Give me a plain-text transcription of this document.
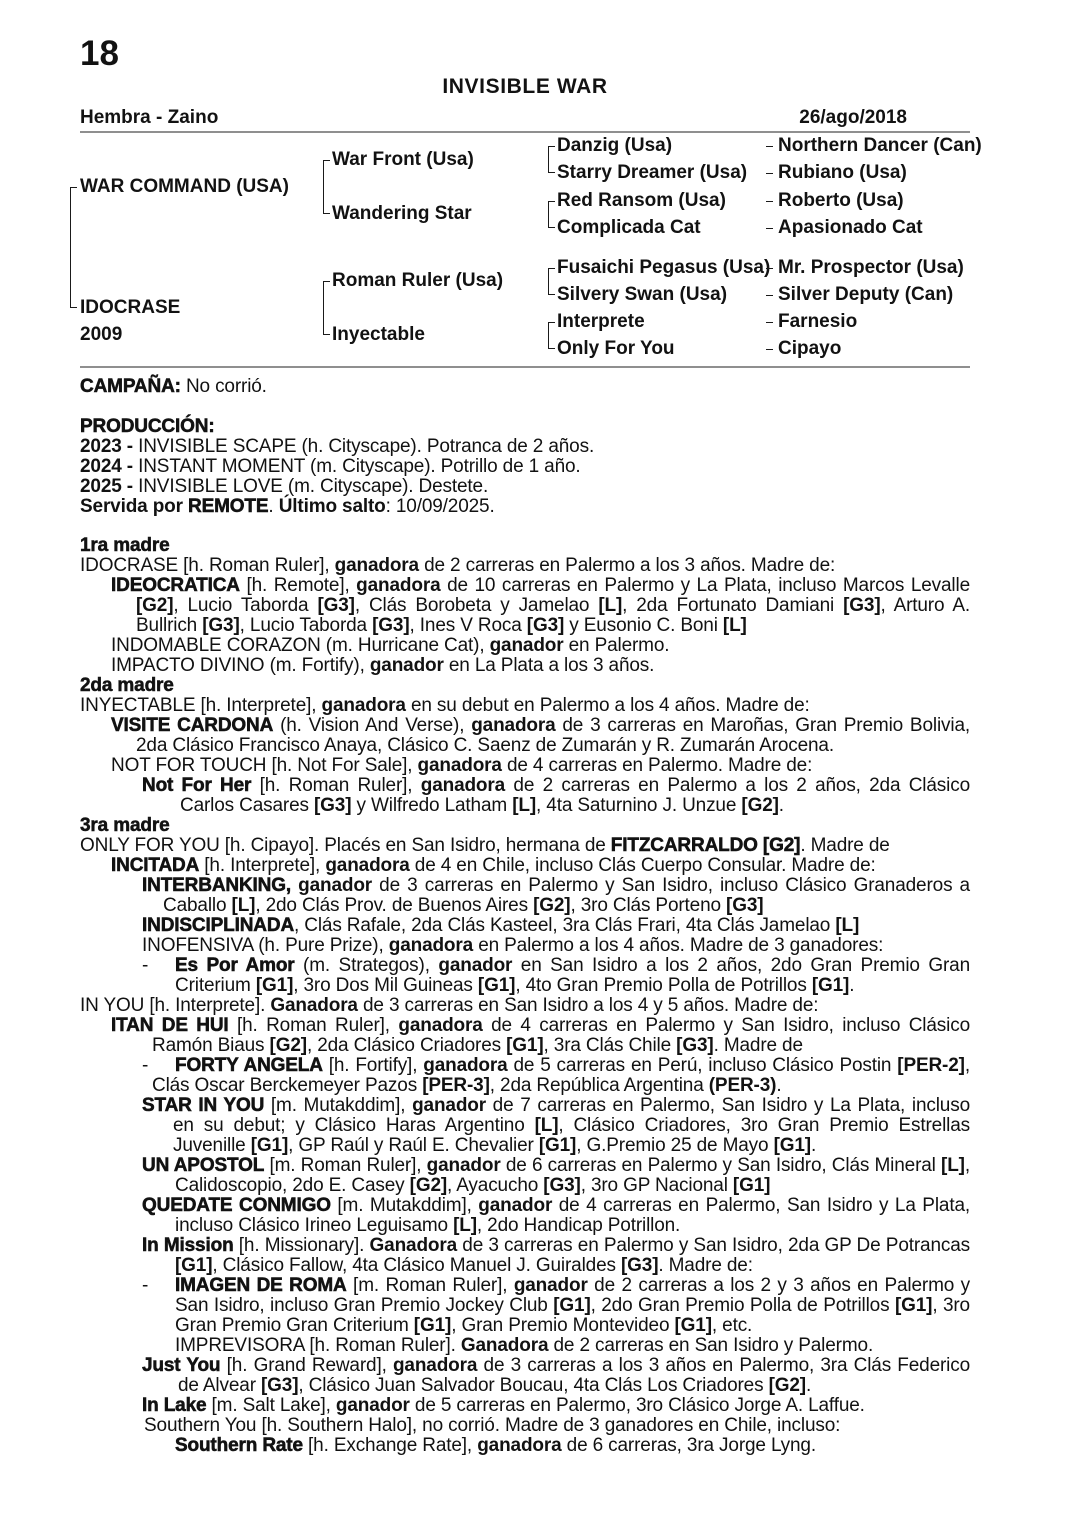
18
INVISIBLE WAR
Hembra - Zaino	26/ago/2018
WAR COMMAND (USA)
IDOCRASE
2009
War Front (Usa)
Wandering Star
Roman Ruler (Usa)
Inyectable
Danzig (Usa)
Starry Dreamer (Usa)
Red Ransom (Usa)
Complicada Cat
Fusaichi Pegasus (Usa)
Silvery Swan (Usa)
Interprete
Only For You
Northern Dancer (Can)
Rubiano (Usa)
Roberto (Usa)
Apasionado Cat
Mr. Prospector (Usa)
Silver Deputy (Can)
Farnesio
Cipayo
CAMPAÑA: No corrió.
PRODUCCIÓN:
2023 - INVISIBLE SCAPE (h. Cityscape). Potranca de 2 años.
2024 - INSTANT MOMENT (m. Cityscape). Potrillo de 1 año.
2025 - INVISIBLE LOVE (m. Cityscape). Destete.
Servida por REMOTE. Último salto: 10/09/2025.
1ra madre
IDOCRASE [h. Roman Ruler], ganadora de 2 carreras en Palermo a los 3 años. Madre de:
IDEOCRATICA [h. Remote], ganadora de 10 carreras en Palermo y La Plata, incluso Marcos Levalle [G2], Lucio Taborda [G3], Clás Borobeta y Jamelao [L], 2da Fortunato Damiani [G3], Arturo A. Bullrich [G3], Lucio Taborda [G3], Ines V Roca [G3] y Eusonio C. Boni [L]
INDOMABLE CORAZON (m. Hurricane Cat), ganador en Palermo.
IMPACTO DIVINO (m. Fortify), ganador en La Plata a los 3 años.
2da madre
INYECTABLE [h. Interprete], ganadora en su debut en Palermo a los 4 años. Madre de:
VISITE CARDONA (h. Vision And Verse), ganadora de 3 carreras en Maroñas, Gran Premio Bolivia, 2da Clásico Francisco Anaya, Clásico C. Saenz de Zumarán y R. Zumarán Arocena.
NOT FOR TOUCH [h. Not For Sale], ganadora de 4 carreras en Palermo. Madre de:
Not For Her [h. Roman Ruler], ganadora de 2 carreras en Palermo a los 2 años, 2da Clásico Carlos Casares [G3] y Wilfredo Latham [L], 4ta Saturnino J. Unzue [G2].
3ra madre
ONLY FOR YOU [h. Cipayo]. Placés en San Isidro, hermana de FITZCARRALDO [G2]. Madre de
INCITADA [h. Interprete], ganadora de 4 en Chile, incluso Clás Cuerpo Consular. Madre de:
INTERBANKING, ganador de 3 carreras en Palermo y San Isidro, incluso Clásico Granaderos a Caballo [L], 2do Clás Prov. de Buenos Aires [G2], 3ro Clás Porteno [G3]
INDISCIPLINADA, Clás Rafale, 2da Clás Kasteel, 3ra Clás Frari, 4ta Clás Jamelao [L]
INOFENSIVA (h. Pure Prize), ganadora en Palermo a los 4 años. Madre de 3 ganadores:
- Es Por Amor (m. Strategos), ganador en San Isidro a los 2 años, 2do Gran Premio Gran Criterium [G1], 3ro Dos Mil Guineas [G1], 4to Gran Premio Polla de Potrillos [G1].
IN YOU [h. Interprete]. Ganadora de 3 carreras en San Isidro a los 4 y 5 años. Madre de:
ITAN DE HUI [h. Roman Ruler], ganadora de 4 carreras en Palermo y San Isidro, incluso Clásico Ramón Biaus [G2], 2da Clásico Criadores [G1], 3ra Clás Chile [G3]. Madre de
- FORTY ANGELA [h. Fortify], ganadora de 5 carreras en Perú, incluso Clásico Postin [PER-2], Clás Oscar Berckemeyer Pazos [PER-3], 2da República Argentina (PER-3).
STAR IN YOU [m. Mutakddim], ganador de 7 carreras en Palermo, San Isidro y La Plata, incluso en su debut; y Clásico Haras Argentino [L], Clásico Criadores, 3ro Gran Premio Estrellas Juvenille [G1], GP Raúl y Raúl E. Chevalier [G1], G.Premio 25 de Mayo [G1].
UN APOSTOL [m. Roman Ruler], ganador de 6 carreras en Palermo y San Isidro, Clás Mineral [L], Calidoscopio, 2do E. Casey [G2], Ayacucho [G3], 3ro GP Nacional [G1]
QUEDATE CONMIGO [m. Mutakddim], ganador de 4 carreras en Palermo, San Isidro y La Plata, incluso Clásico Irineo Leguisamo [L], 2do Handicap Potrillon.
In Mission [h. Missionary]. Ganadora de 3 carreras en Palermo y San Isidro, 2da GP De Potrancas [G1], Clásico Fallow, 4ta Clásico Manuel J. Guiraldes [G3]. Madre de:
- IMAGEN DE ROMA [m. Roman Ruler], ganador de 2 carreras a los 2 y 3 años en Palermo y San Isidro, incluso Gran Premio Jockey Club [G1], 2do Gran Premio Polla de Potrillos [G1], 3ro Gran Premio Gran Criterium [G1], Gran Premio Montevideo [G1], etc.
IMPREVISORA [h. Roman Ruler]. Ganadora de 2 carreras en San Isidro y Palermo.
Just You [h. Grand Reward], ganadora de 3 carreras a los 3 años en Palermo, 3ra Clás Federico de Alvear [G3], Clásico Juan Salvador Boucau, 4ta Clás Los Criadores [G2].
In Lake [m. Salt Lake], ganador de 5 carreras en Palermo, 3ro Clásico Jorge A. Laffue.
Southern You [h. Southern Halo], no corrió. Madre de 3 ganadores en Chile, incluso:
Southern Rate [h. Exchange Rate], ganadora de 6 carreras, 3ra Jorge Lyng.
